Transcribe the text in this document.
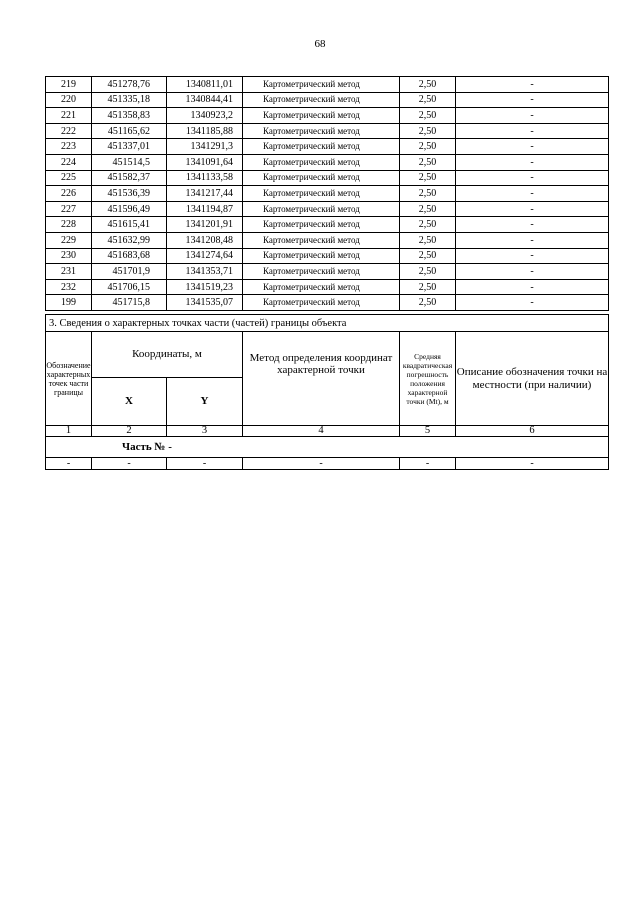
68
219	451278,76	1340811,01	Картометрический метод	2,50	-
220	451335,18	1340844,41	Картометрический метод	2,50	-
221	451358,83	1340923,2	Картометрический метод	2,50	-
222	451165,62	1341185,88	Картометрический метод	2,50	-
223	451337,01	1341291,3	Картометрический метод	2,50	-
224	451514,5	1341091,64	Картометрический метод	2,50	-
225	451582,37	1341133,58	Картометрический метод	2,50	-
226	451536,39	1341217,44	Картометрический метод	2,50	-
227	451596,49	1341194,87	Картометрический метод	2,50	-
228	451615,41	1341201,91	Картометрический метод	2,50	-
229	451632,99	1341208,48	Картометрический метод	2,50	-
230	451683,68	1341274,64	Картометрический метод	2,50	-
231	451701,9	1341353,71	Картометрический метод	2,50	-
232	451706,15	1341519,23	Картометрический метод	2,50	-
199	451715,8	1341535,07	Картометрический метод	2,50	-
3. Сведения о характерных точках части (частей) границы объекта					
Обозначение характерных точек части границы	Координаты, м		Метод определения координат характерной точки	Средняя квадратическая погрешность положения характерной точки (Mt), м	Описание обозначения точки на местности (при наличии)
	X	Y			
1	2	3	4	5	6
Часть № -					
-	-	-	-	-	-
